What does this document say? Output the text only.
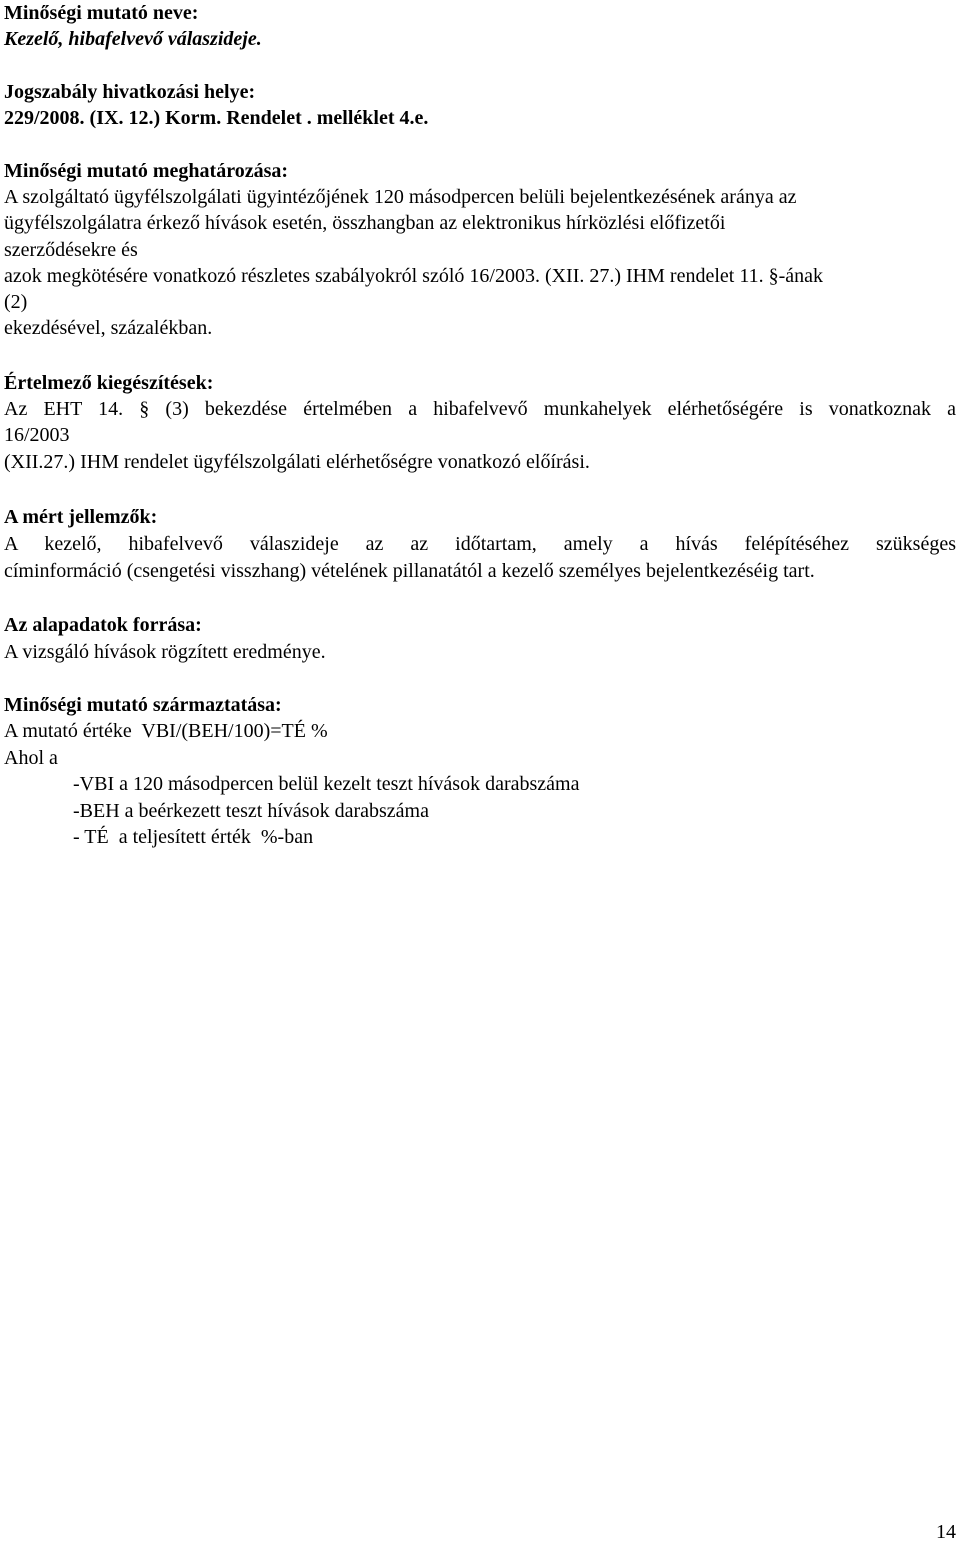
Minőségi mutató neve:
Kezelő, hibafelvevő válaszideje.
Jogszabály hivatkozási helye:
229/2008. (IX. 12.) Korm. Rendelet . melléklet 4.e.
Minőségi mutató meghatározása:
A szolgáltató ügyfélszolgálati ügyintézőjének 120 másodpercen belüli bejelentkezésének aránya az
ügyfélszolgálatra érkező hívások esetén, összhangban az elektronikus hírközlési előfizetői
szerződésekre és
azok megkötésére vonatkozó részletes szabályokról szóló 16/2003. (XII. 27.) IHM rendelet 11. §-ának
(2)
ekezdésével, százalékban.
Értelmező kiegészítések:
Az EHT 14. § (3) bekezdése értelmében a hibafelvevő munkahelyek elérhetőségére is vonatkoznak a
16/2003
(XII.27.) IHM rendelet ügyfélszolgálati elérhetőségre vonatkozó előírási.
A mért jellemzők:
A kezelő, hibafelvevő válaszideje az az időtartam, amely a hívás felépítéséhez szükséges
címinformáció (csengetési visszhang) vételének pillanatától a kezelő személyes bejelentkezéséig tart.
Az alapadatok forrása:
A vizsgáló hívások rögzített eredménye.
Minőségi mutató származtatása:
A mutató értéke  VBI/(BEH/100)=TÉ %
Ahol a
-VBI a 120 másodpercen belül kezelt teszt hívások darabszáma
-BEH a beérkezett teszt hívások darabszáma
- TÉ  a teljesített érték  %-ban
14
